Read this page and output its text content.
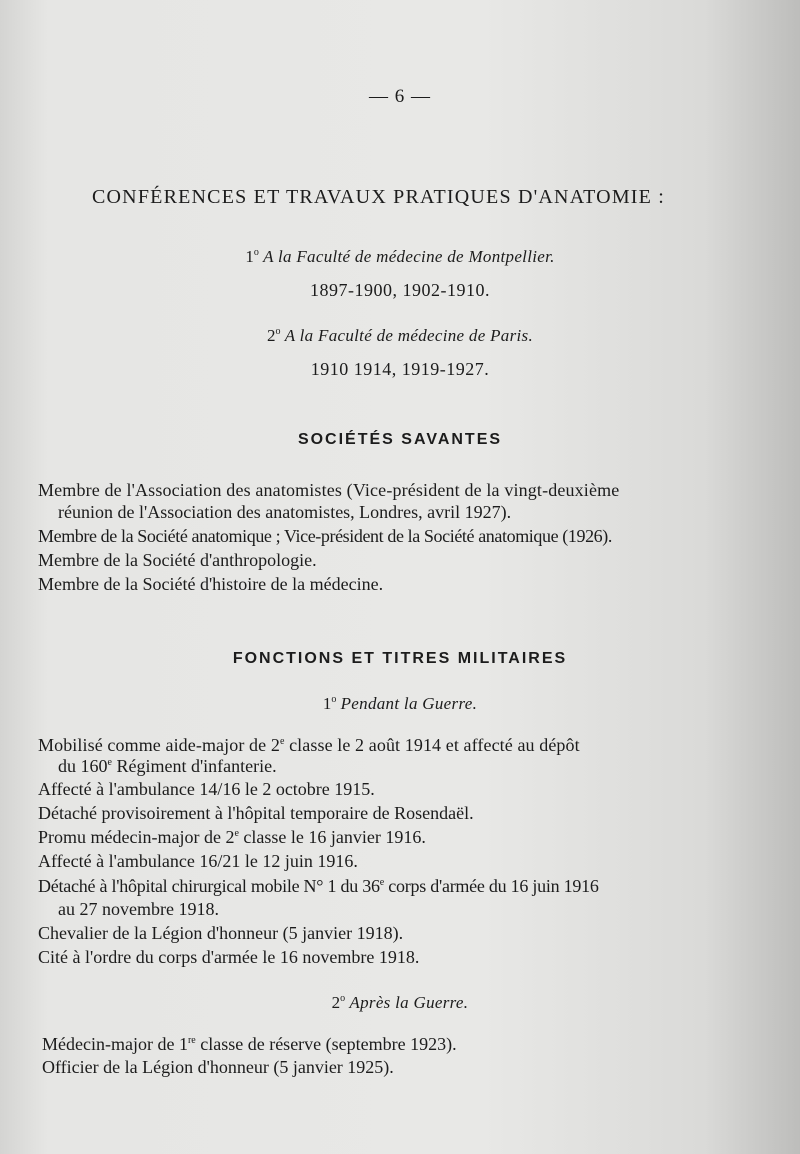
— 6 —

CONFÉRENCES ET TRAVAUX PRATIQUES D'ANATOMIE :

1$^o$ A la Faculté de médecine de Montpellier.

1897-1900, 1902-1910.

2$^o$ A la Faculté de médecine de Paris.

1910 1914, 1919-1927.

SOCIÉTÉS SAVANTES

Membre de l'Association des anatomistes (Vice-président de la vingt-deuxième

réunion de l'Association des anatomistes, Londres, avril 1927).

Membre de la Société anatomique ; Vice-président de la Société anatomique (1926).

Membre de la Société d'anthropologie.

Membre de la Société d'histoire de la médecine.

FONCTIONS ET TITRES MILITAIRES

1$^o$ Pendant la Guerre.

Mobilisé comme aide-major de 2e classe le 2 août 1914 et affecté au dépôt

du 160e Régiment d'infanterie.

Affecté à l'ambulance 14/16 le 2 octobre 1915.

Détaché provisoirement à l'hôpital temporaire de Rosendaël.

Promu médecin-major de 2e classe le 16 janvier 1916.

Affecté à l'ambulance 16/21 le 12 juin 1916.

Détaché à l'hôpital chirurgical mobile N° 1 du 36e corps d'armée du 16 juin 1916

au 27 novembre 1918.

Chevalier de la Légion d'honneur (5 janvier 1918).

Cité à l'ordre du corps d'armée le 16 novembre 1918.

2$^o$ Après la Guerre.

Médecin-major de 1re classe de réserve (septembre 1923).

Officier de la Légion d'honneur (5 janvier 1925).
